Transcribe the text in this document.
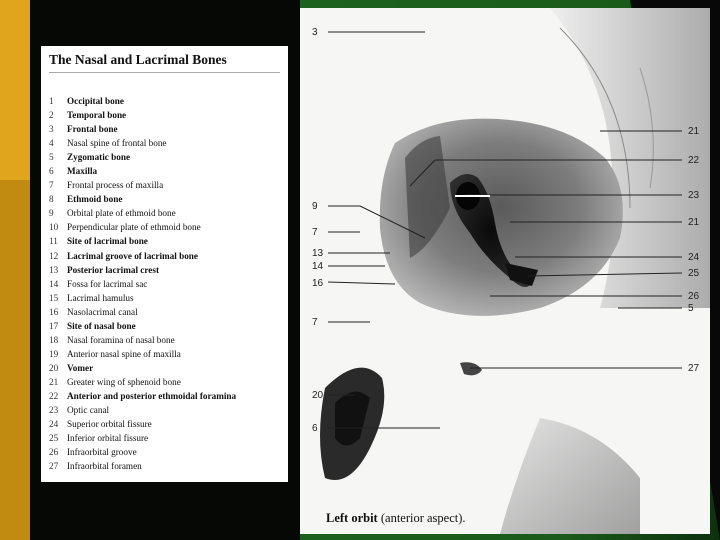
The Nasal and Lacrimal Bones
1	Occipital bone
2	Temporal bone
3	Frontal bone
4	Nasal spine of frontal bone
5	Zygomatic bone
6	Maxilla
7	Frontal process of maxilla
8	Ethmoid bone
9	Orbital plate of ethmoid bone
10 Perpendicular plate of ethmoid bone
11 Site of lacrimal bone
12 Lacrimal groove of lacrimal bone
13 Posterior lacrimal crest
14 Fossa for lacrimal sac
15 Lacrimal hamulus
16 Nasolacrimal canal
17 Site of nasal bone
18 Nasal foramina of nasal bone
19 Anterior nasal spine of maxilla
20 Vomer
21 Greater wing of sphenoid bone
22 Anterior and posterior ethmoidal foramina
23 Optic canal
24 Superior orbital fissure
25 Inferior orbital fissure
26 Infraorbital groove
27 Infraorbital foramen
3
9
7
13
14
16
7
20
6
21
22
23
21
24
25
26
5
27
Left orbit (anterior aspect).
